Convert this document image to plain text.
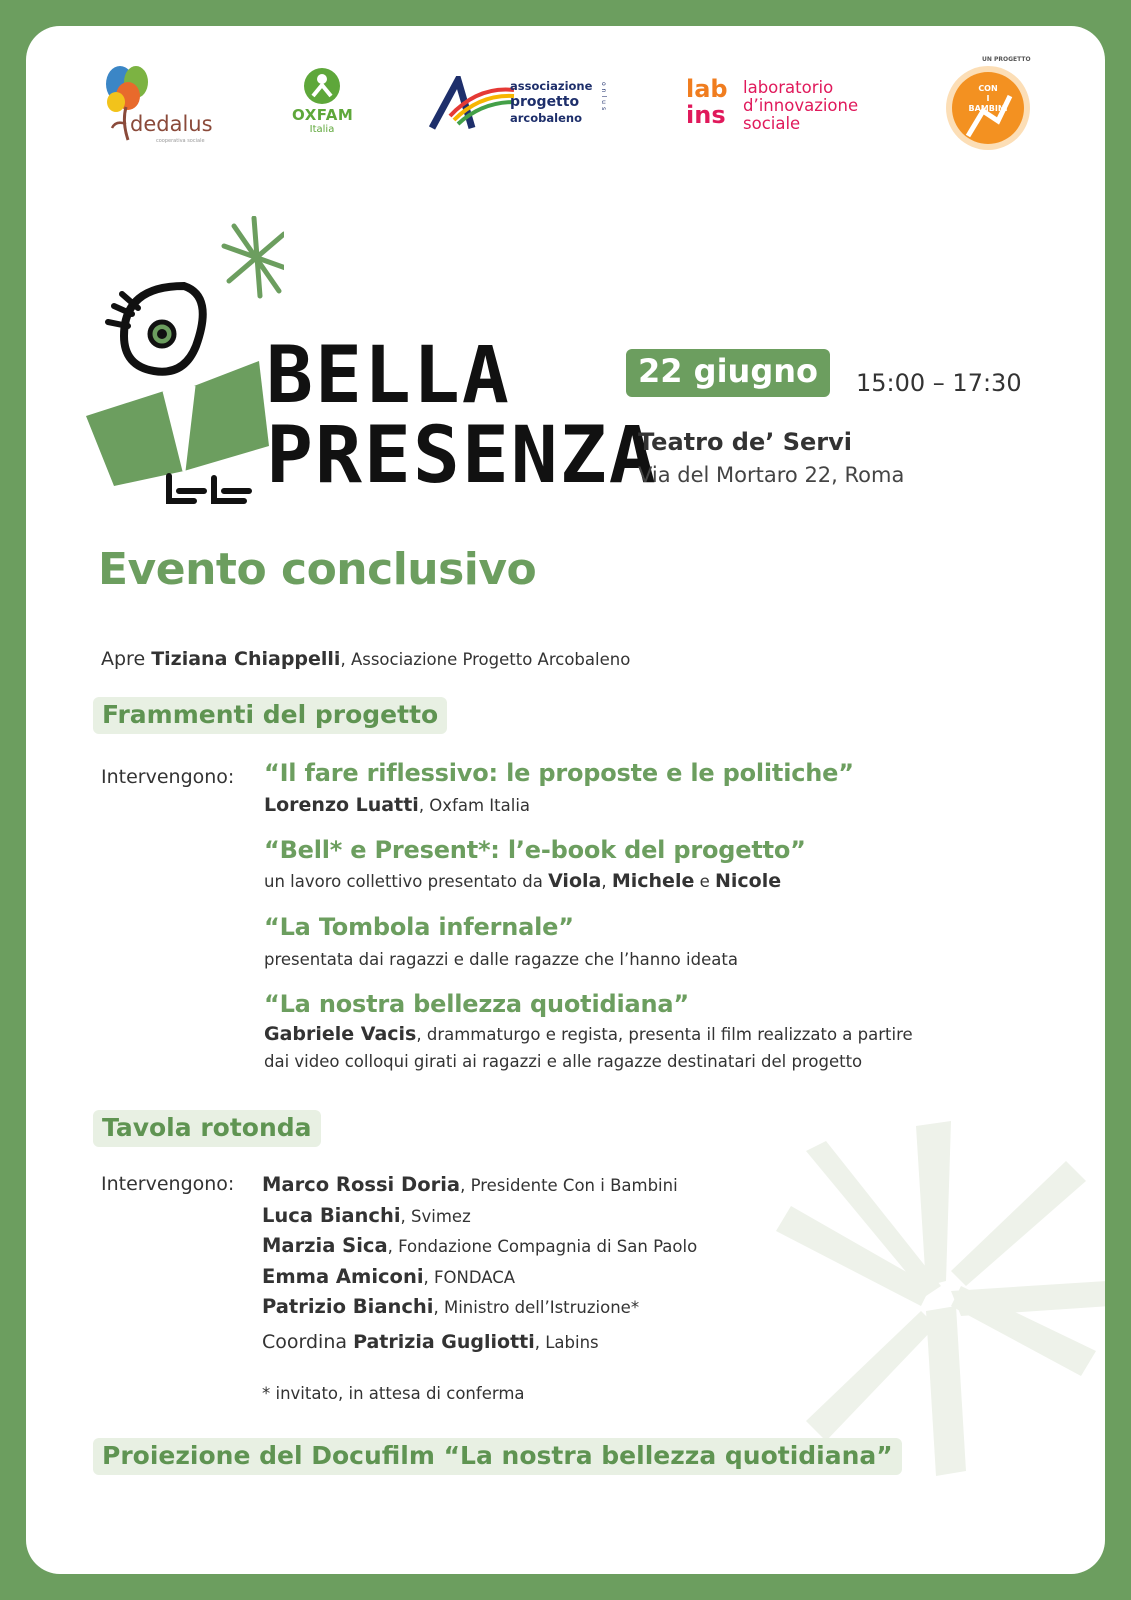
dedalus
cooperativa sociale
OXFAM
Italia
associazione
progetto
arcobaleno
onlus	lab
ins
laboratorio
d’innovazione
sociale
UN PROGETTO
CON
I BAMBINI
BELLA
PRESENZA
22 giugno	15:00 – 17:30
Teatro de’ Servi
Via del Mortaro 22, Roma
Evento conclusivo
Apre Tiziana Chiappelli, Associazione Progetto Arcobaleno
Frammenti del progetto
Intervengono: “Il fare riflessivo: le proposte e le politiche”
Lorenzo Luatti, Oxfam Italia
“Bell* e Present*: l’e-book del progetto”
un lavoro collettivo presentato da Viola, Michele e Nicole
“La Tombola infernale”
presentata dai ragazzi e dalle ragazze che l’hanno ideata
“La nostra bellezza quotidiana”
Gabriele Vacis, drammaturgo e regista, presenta il film realizzato a partire
dai video colloqui girati ai ragazzi e alle ragazze destinatari del progetto
Tavola rotonda
Intervengono: Marco Rossi Doria, Presidente Con i Bambini
Luca Bianchi, Svimez
Marzia Sica, Fondazione Compagnia di San Paolo
Emma Amiconi, FONDACA
Patrizio Bianchi, Ministro dell’Istruzione*
Coordina Patrizia Gugliotti, Labins
* invitato, in attesa di conferma
Proiezione del Docufilm “La nostra bellezza quotidiana”
